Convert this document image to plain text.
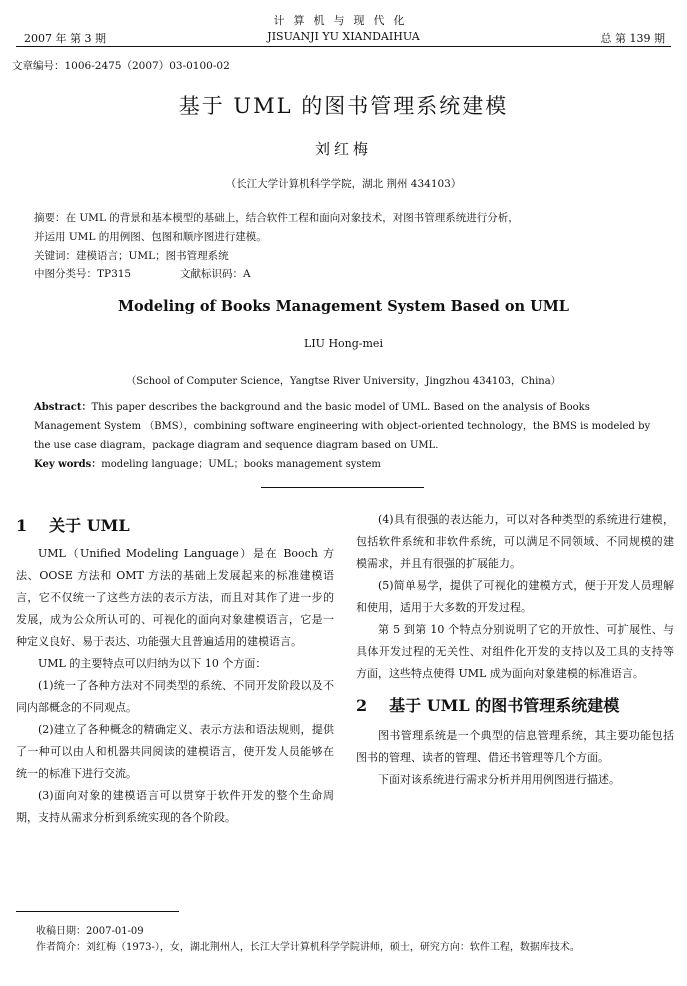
计算机与现代化
2007 年 第 3 期	JISUANJI YU XIANDAIHUA	总 第 139 期
文章编号：1006-2475（2007）03-0100-02
基于 UML 的图书管理系统建模
刘红梅
（长江大学计算机科学学院，湖北 荆州 434103）
摘要：在 UML 的背景和基本模型的基础上，结合软件工程和面向对象技术，对图书管理系统进行分析，
并运用 UML 的用例图、包图和顺序图进行建模。
关键词：建模语言；UML；图书管理系统
中图分类号：TP315	文献标识码：A
Modeling of Books Management System Based on UML
LIU Hong-mei
（School of Computer Science，Yangtse River University，Jingzhou 434103，China）
Abstract：This paper describes the background and the basic model of UML. Based on the analysis of Books Management System （BMS），combining software engineering with object-oriented technology，the BMS is modeled by the use case diagram，package diagram and sequence diagram based on UML.
Key words：modeling language；UML；books management system
1 关于 UML

UML（Unified Modeling Language）是在 Booch 方法、OOSE 方法和 OMT 方法的基础上发展起来的标准建模语言，它不仅统一了这些方法的表示方法，而且对其作了进一步的发展，成为公众所认可的、可视化的面向对象建模语言，它是一种定义良好、易于表达、功能强大且普遍适用的建模语言。

UML 的主要特点可以归纳为以下 10 个方面：

(1)统一了各种方法对不同类型的系统、不同开发阶段以及不同内部概念的不同观点。

(2)建立了各种概念的精确定义、表示方法和语法规则，提供了一种可以由人和机器共同阅读的建模语言，使开发人员能够在统一的标准下进行交流。

(3)面向对象的建模语言可以贯穿于软件开发的整个生命周期，支持从需求分析到系统实现的各个阶段。

(4)具有很强的表达能力，可以对各种类型的系统进行建模，包括软件系统和非软件系统，可以满足不同领域、不同规模的建模需求，并且有很强的扩展能力。

(5)简单易学，提供了可视化的建模方式，便于开发人员理解和使用，适用于大多数的开发过程。

第 5 到第 10 个特点分别说明了它的开放性、可扩展性、与具体开发过程的无关性、对组件化开发的支持以及工具的支持等方面，这些特点使得 UML 成为面向对象建模的标准语言。

2 基于 UML 的图书管理系统建模

图书管理系统是一个典型的信息管理系统，其主要功能包括图书的管理、读者的管理、借还书管理等几个方面。

下面对该系统进行需求分析并用用例图进行描述。

收稿日期：2007-01-09
作者简介：刘红梅（1973-），女，湖北荆州人，长江大学计算机科学学院讲师，硕士，研究方向：软件工程，数据库技术。
